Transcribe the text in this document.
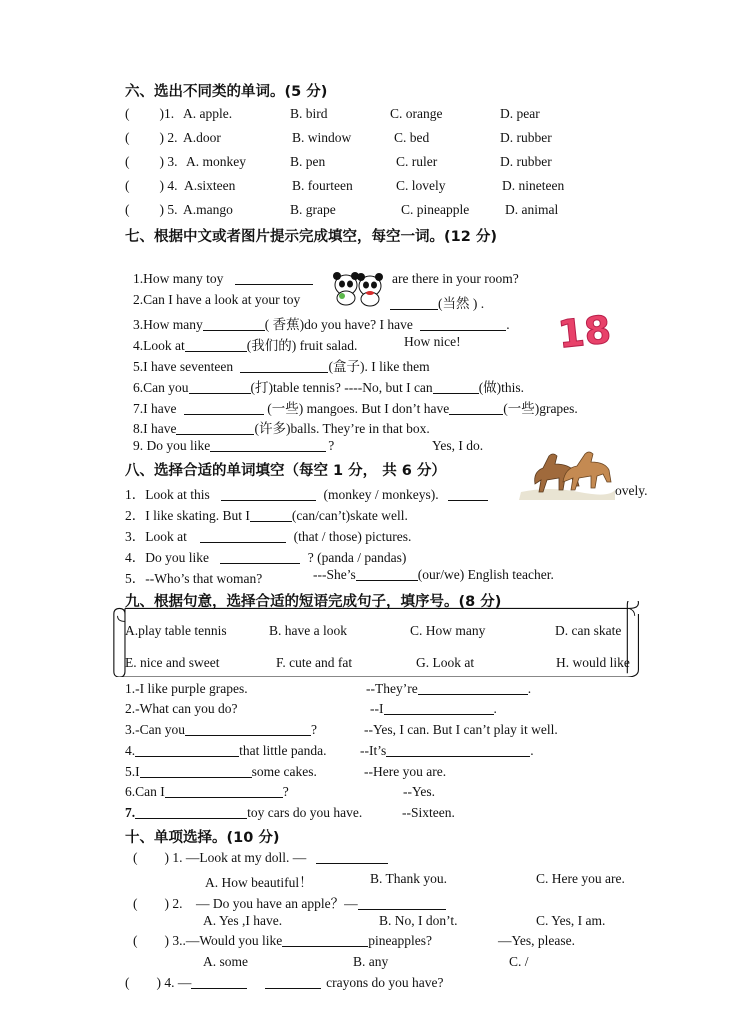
六、选出不同类的单词。(5 分)
( )1. A. apple.	B. bird	C. orange	D. pear
( ) 2. A.door	B. window	C. bed	D. rubber
( ) 3. A. monkey	B. pen	C. ruler	D. rubber
( ) 4. A.sixteen	B. fourteen	C. lovely	D. nineteen
( ) 5. A.mango	B. grape	C. pineapple	D. animal
七、根据中文或者图片提示完成填空，每空一词。(12 分)
1.How many toy	are there in your room?
2.Can I have a look at your toy	(当然 ) .
3.How many	( 香蕉)do you have? I have	. 18
4.Look at	(我们的) fruit salad.	How nice!
5.I have seventeen	(盒子). I like them
6.Can you	(打)table tennis? ----No, but I can	(做)this.
7.I have	(一些) mangoes. But I don’t have	(一些)grapes.
8.I have	(许多)balls. They’re in that box.
9. Do you like	?	Yes, I do.
八、选择合适的单词填空（每空 1 分， 共 6 分）
1．Look at this	(monkey / monkeys).	ovely.
2．I like skating. But I	(can/can’t)skate well.
3．Look at	(that / those) pictures.
4．Do you like	? (panda / pandas)
5．--Who’s that woman?	---She’s	(our/we) English teacher.
九、根据句意，选择合适的短语完成句子，填序号。(8 分)
A.play table tennis	B. have a look	C. How many	D. can skate
E. nice and sweet	F. cute and fat	G. Look at	H. would like
1.-I like purple grapes.	--They’re	.
2.-What can you do?	--I	.
3.-Can you	?	--Yes, I can. But I can’t play it well.
4.	that little panda. --It’s	.
5.I	some cakes.	--Here you are.
6.Can I	?	--Yes.
7.	toy cars do you have.	--Sixteen.
十、单项选择。(10 分)
(        ) 1. —Look at my doll. —
A. How beautiful！	B. Thank you.	C. Here you are.
(        ) 2.    — Do you have an apple？—
A. Yes ,I have.	B. No, I don’t.	C. Yes, I am.
(        ) 3..—Would you like	pineapples?	—Yes, please.
A. some	B. any	C. /
(        ) 4. —	crayons do you have?
